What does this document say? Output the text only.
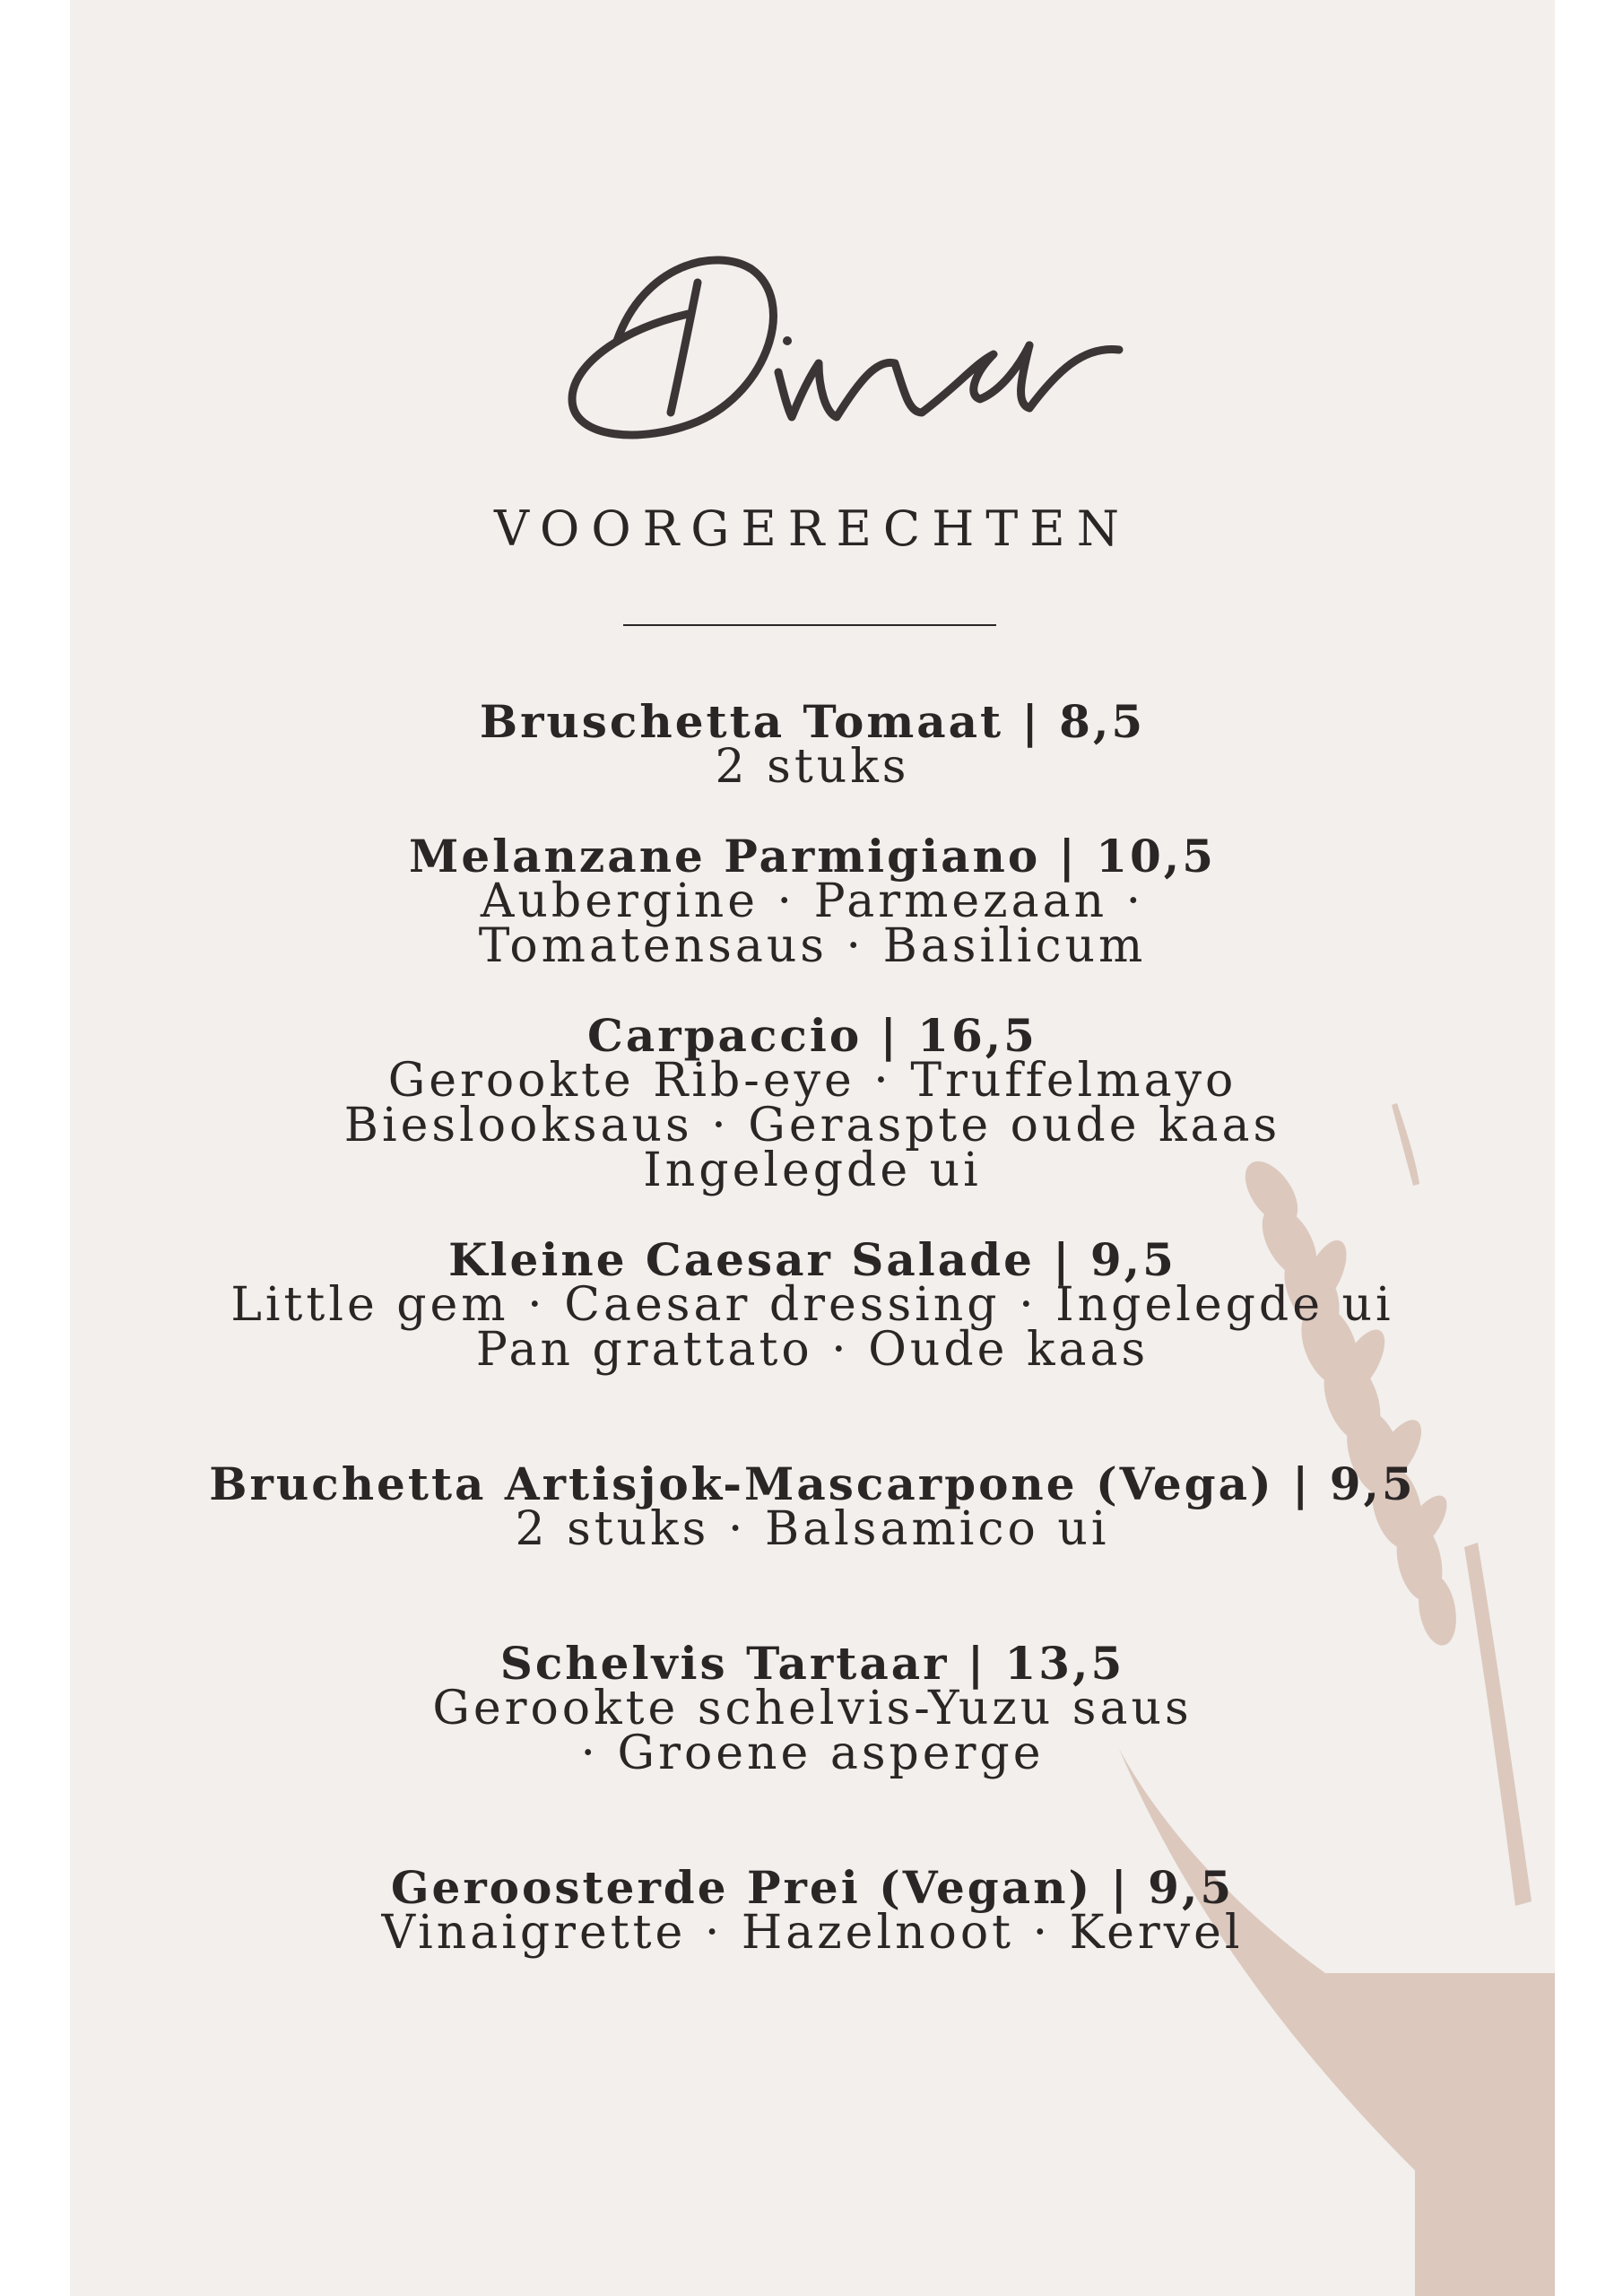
VOORGERECHTEN
Bruschetta Tomaat | 8,5
2 stuks
Melanzane Parmigiano | 10,5
Aubergine · Parmezaan ·
Tomatensaus · Basilicum
Carpaccio | 16,5
Gerookte Rib-eye · Truffelmayo
Bieslooksaus · Geraspte oude kaas
Ingelegde ui
Kleine Caesar Salade | 9,5
Little gem · Caesar dressing · Ingelegde ui
Pan grattato · Oude kaas
Bruchetta Artisjok-Mascarpone (Vega) | 9,5
2 stuks · Balsamico ui
Schelvis Tartaar | 13,5
Gerookte schelvis-Yuzu saus
· Groene asperge
Geroosterde Prei (Vegan) | 9,5
Vinaigrette · Hazelnoot · Kervel
